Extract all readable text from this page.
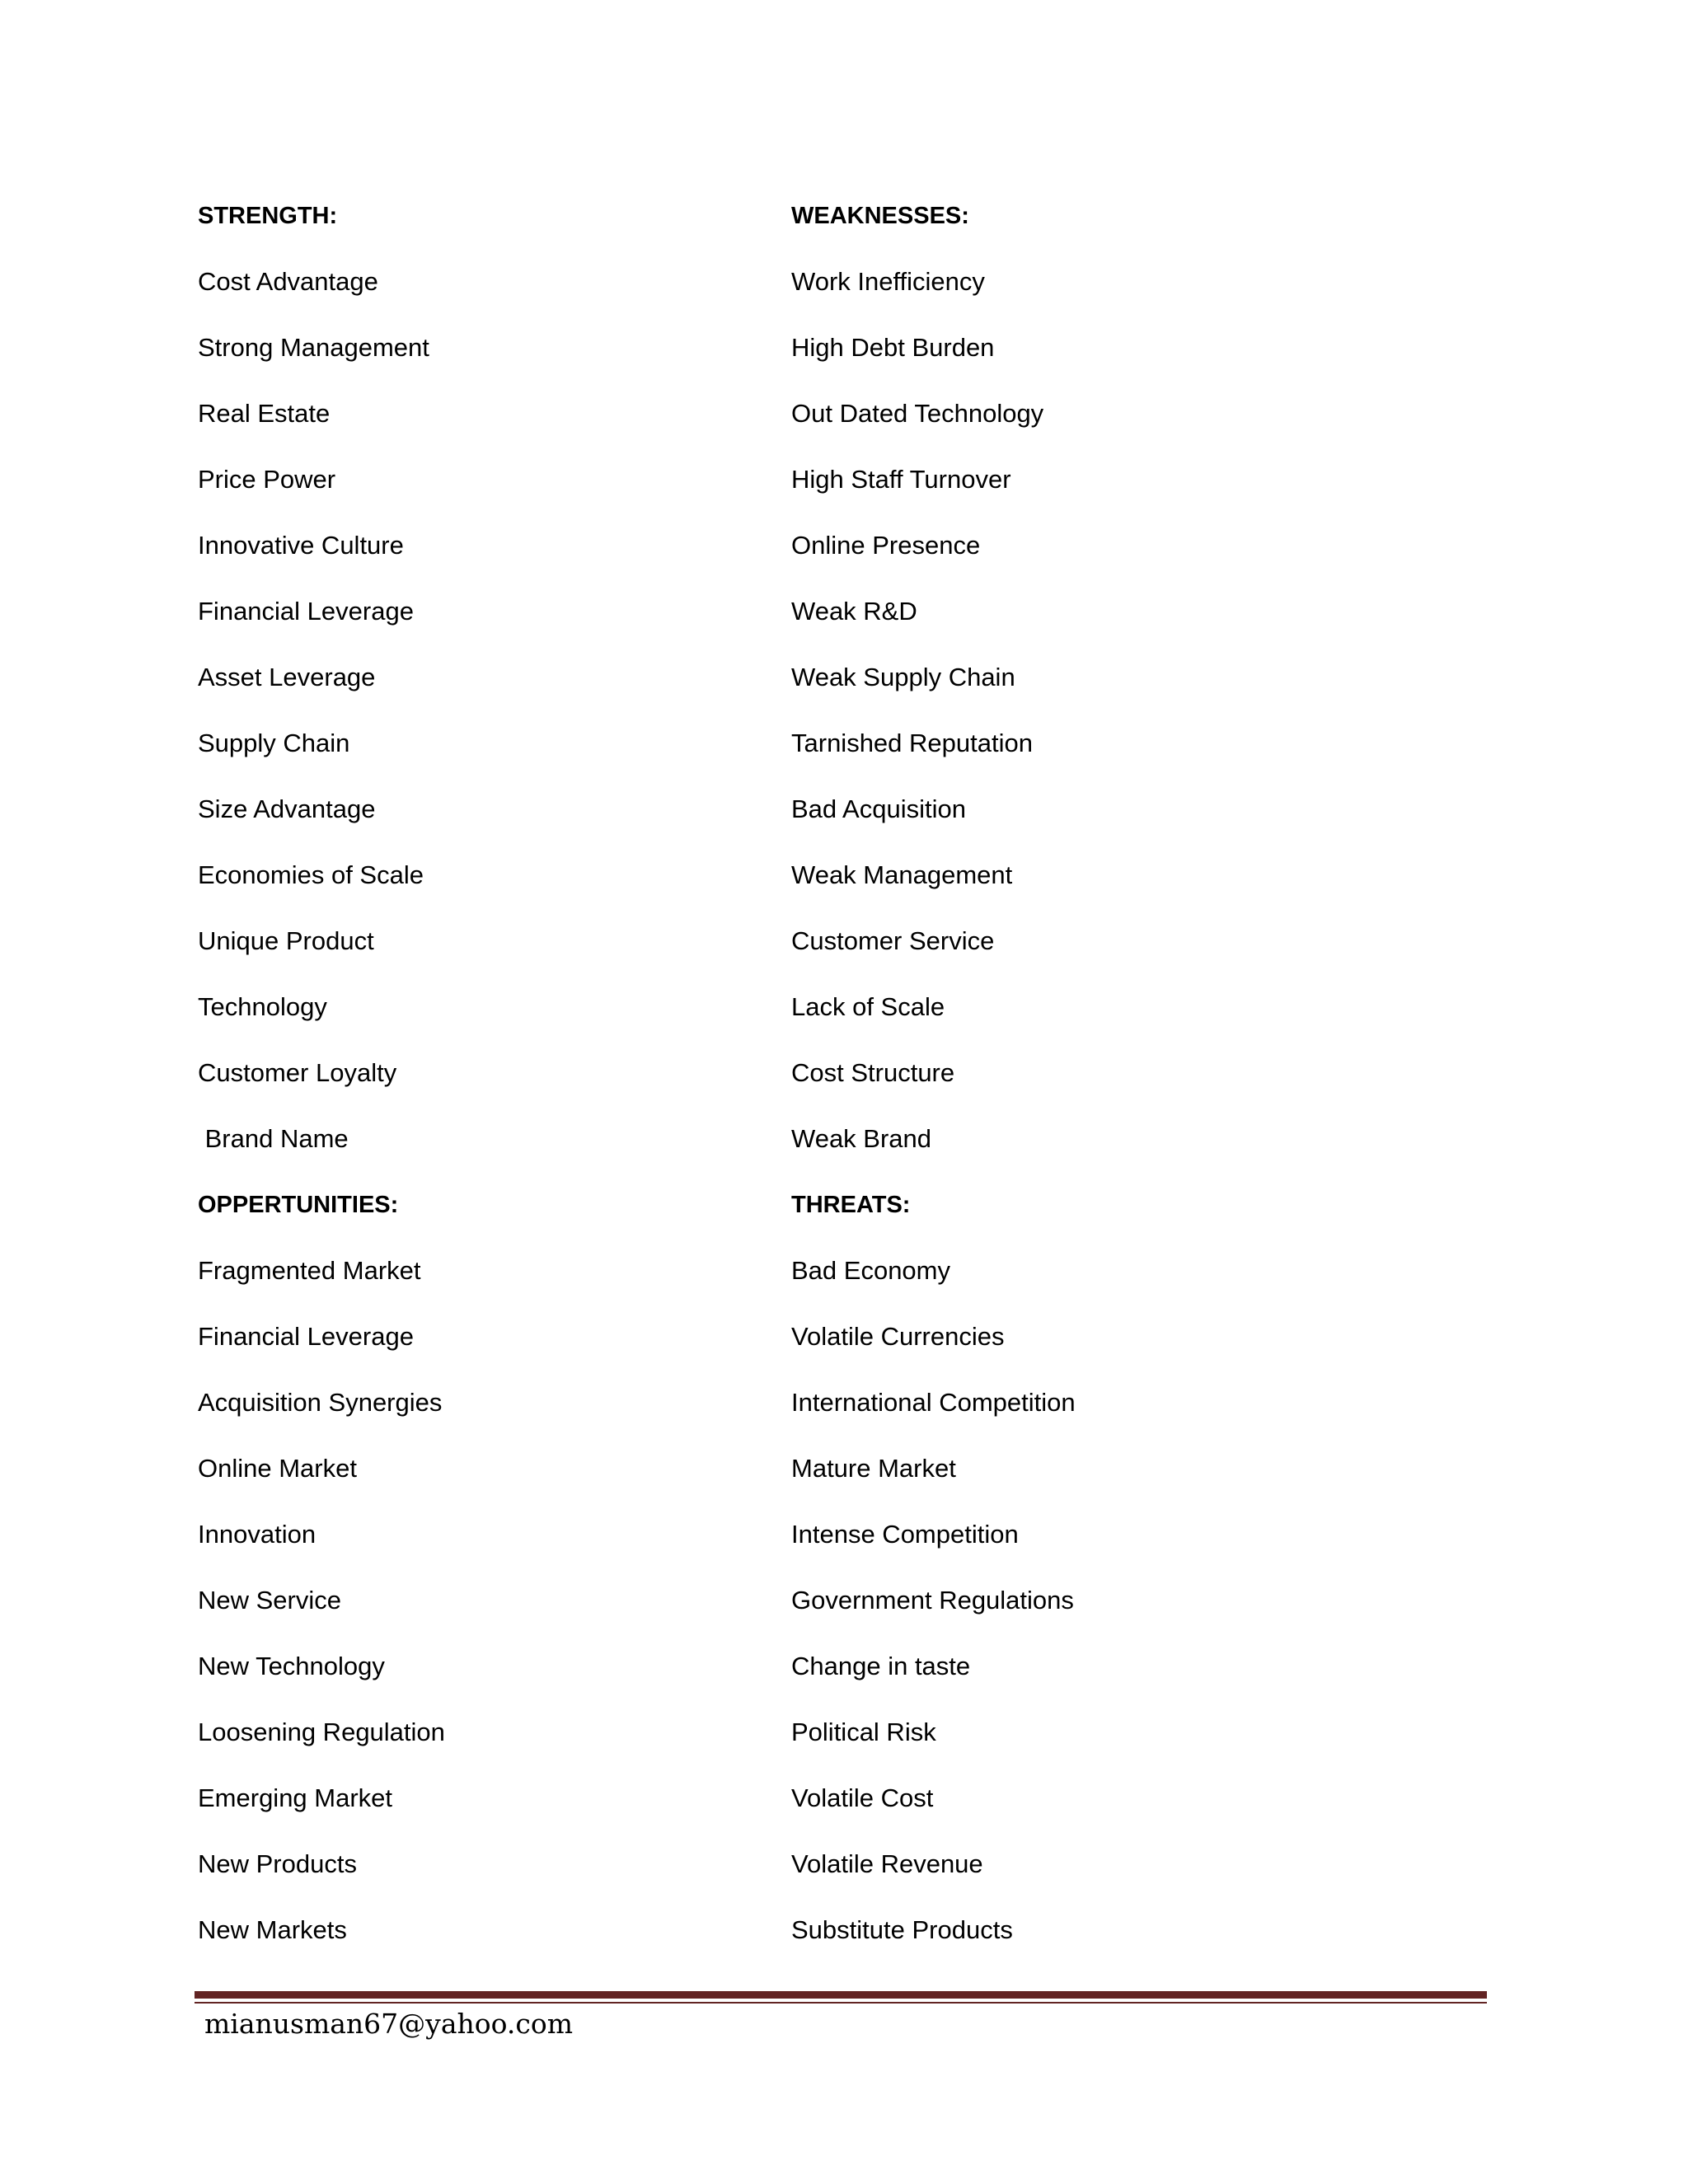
STRENGTH:
Cost Advantage
Strong Management
Real Estate
Price Power
Innovative Culture
Financial Leverage
Asset Leverage
Supply Chain
Size Advantage
Economies of Scale
Unique Product
Technology
Customer Loyalty
Brand Name
OPPERTUNITIES:
Fragmented Market
Financial Leverage
Acquisition Synergies
Online Market
Innovation
New Service
New Technology
Loosening Regulation
Emerging Market
New Products
New Markets
WEAKNESSES:
Work Inefficiency
High Debt Burden
Out Dated Technology
High Staff Turnover
Online Presence
Weak R&D
Weak Supply Chain
Tarnished Reputation
Bad Acquisition
Weak Management
Customer Service
Lack of Scale
Cost Structure
Weak Brand
THREATS:
Bad Economy
Volatile Currencies
International Competition
Mature Market
Intense Competition
Government Regulations
Change in taste
Political Risk
Volatile Cost
Volatile Revenue
Substitute Products
mianusman67@yahoo.com
